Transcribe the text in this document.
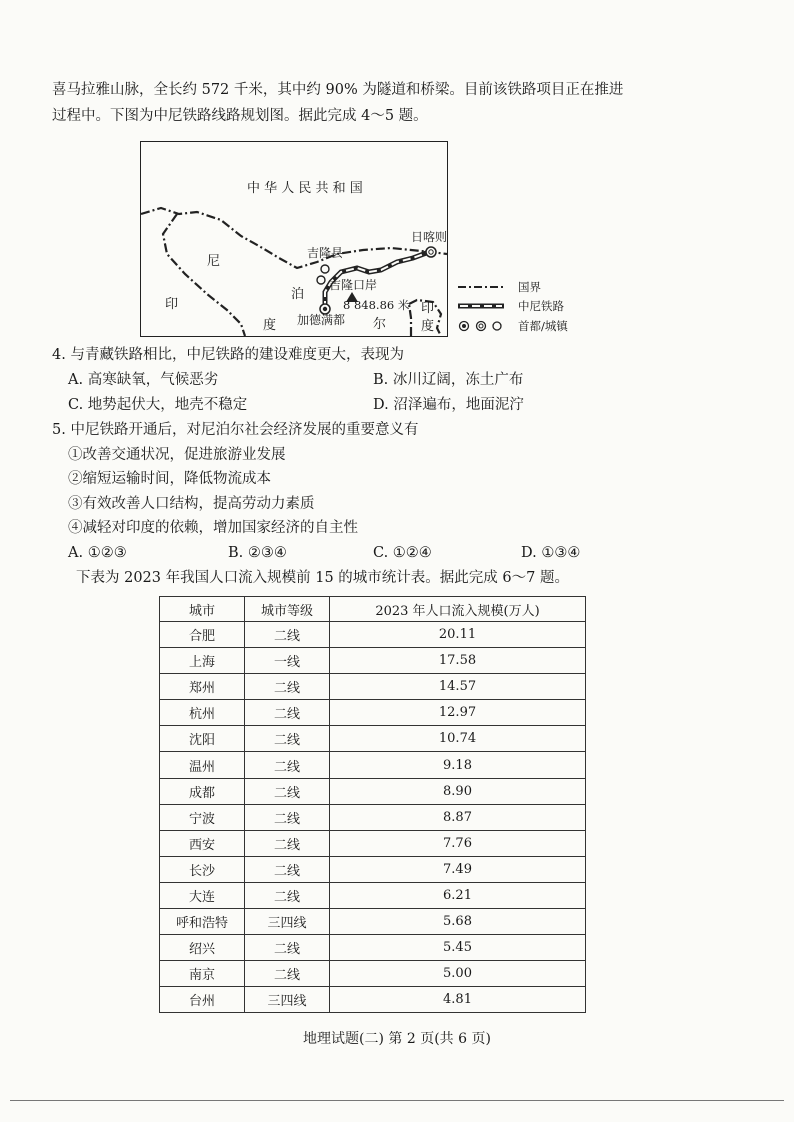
喜马拉雅山脉，全长约 572 千米，其中约 90% 为隧道和桥梁。目前该铁路项目正在推进
过程中。下图为中尼铁路线路规划图。据此完成 4～5 题。
中 华 人 民 共 和 国
尼
泊
尔
印
度
印
度
吉隆县
吉隆口岸
加德满都
日喀则
8 848.86 米
国界
中尼铁路
首都/城镇
4. 与青藏铁路相比，中尼铁路的建设难度更大，表现为
A. 高寒缺氧，气候恶劣	B. 冰川辽阔，冻土广布
C. 地势起伏大，地壳不稳定	D. 沼泽遍布，地面泥泞
5. 中尼铁路开通后，对尼泊尔社会经济发展的重要意义有
①改善交通状况，促进旅游业发展
②缩短运输时间，降低物流成本
③有效改善人口结构，提高劳动力素质
④减轻对印度的依赖，增加国家经济的自主性
A. ①②③	B. ②③④	C. ①②④	D. ①③④
下表为 2023 年我国人口流入规模前 15 的城市统计表。据此完成 6～7 题。
城市	城市等级	2023 年人口流入规模(万人)
合肥	二线	20.11
上海	一线	17.58
郑州	二线	14.57
杭州	二线	12.97
沈阳	二线	10.74
温州	二线	9.18
成都	二线	8.90
宁波	二线	8.87
西安	二线	7.76
长沙	二线	7.49
大连	二线	6.21
呼和浩特	三四线	5.68
绍兴	二线	5.45
南京	二线	5.00
台州	三四线	4.81
地理试题(二) 第 2 页(共 6 页)
